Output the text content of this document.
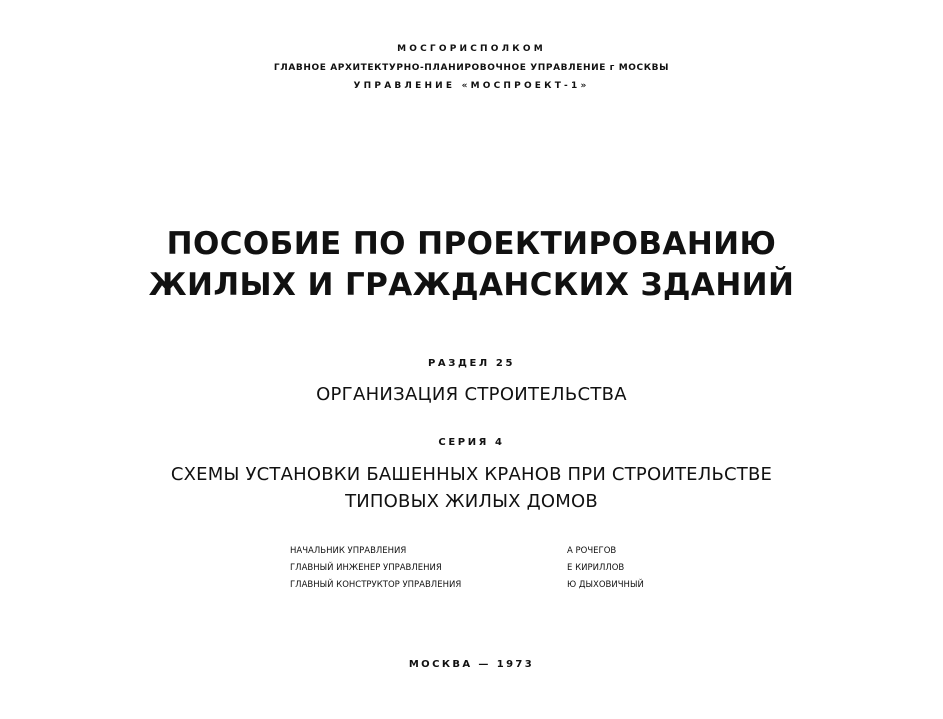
МОСГОРИСПОЛКОМ
ГЛАВНОЕ АРХИТЕКТУРНО-ПЛАНИРОВОЧНОЕ УПРАВЛЕНИЕ г МОСКВЫ
УПРАВЛЕНИЕ «МОСПРОЕКТ-1»
ПОСОБИЕ ПО ПРОЕКТИРОВАНИЮ
ЖИЛЫХ И ГРАЖДАНСКИХ ЗДАНИЙ
РАЗДЕЛ 25
ОРГАНИЗАЦИЯ СТРОИТЕЛЬСТВА
СЕРИЯ 4
СХЕМЫ УСТАНОВКИ БАШЕННЫХ КРАНОВ ПРИ СТРОИТЕЛЬСТВЕ
ТИПОВЫХ ЖИЛЫХ ДОМОВ
НАЧАЛЬНИК УПРАВЛЕНИЯ	А РОЧЕГОВ
ГЛАВНЫЙ ИНЖЕНЕР УПРАВЛЕНИЯ	Е КИРИЛЛОВ
ГЛАВНЫЙ КОНСТРУКТОР УПРАВЛЕНИЯ	Ю ДЫХОВИЧНЫЙ
МОСКВА — 1973
